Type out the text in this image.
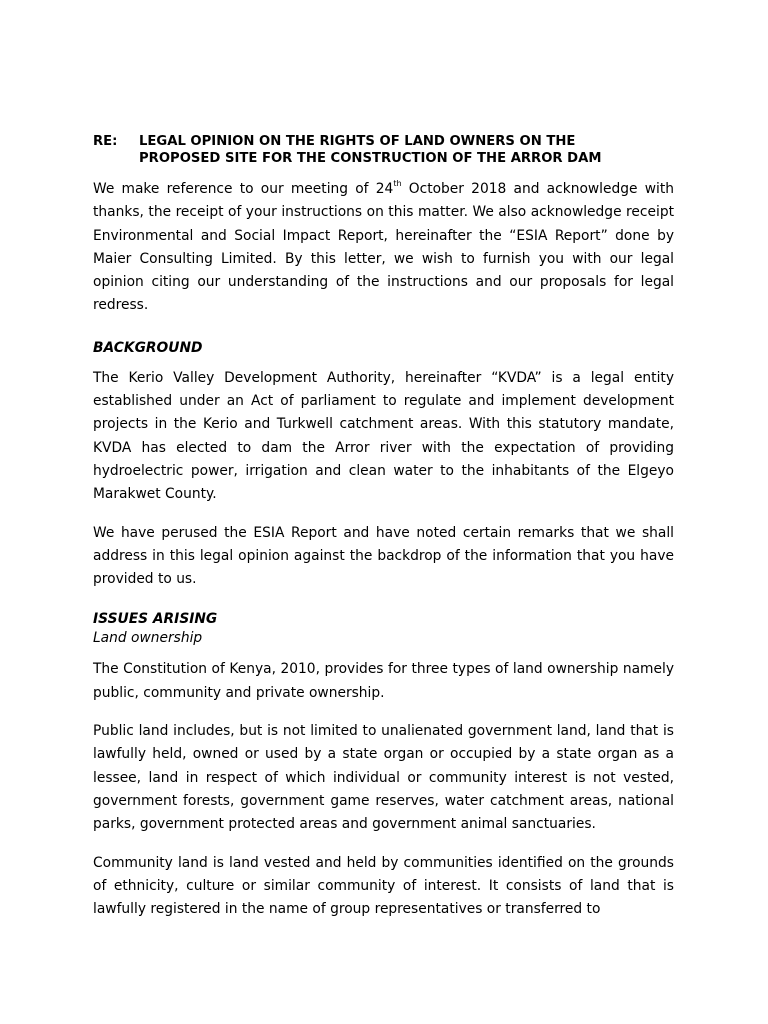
RE: LEGAL OPINION ON THE RIGHTS OF LAND OWNERS ON THE
PROPOSED SITE FOR THE CONSTRUCTION OF THE ARROR DAM

We make reference to our meeting of 24th October 2018 and acknowledge with thanks, the receipt of your instructions on this matter. We also acknowledge receipt Environmental and Social Impact Report, hereinafter the “ESIA Report” done by Maier Consulting Limited. By this letter, we wish to furnish you with our legal opinion citing our understanding of the instructions and our proposals for legal redress.

BACKGROUND

The Kerio Valley Development Authority, hereinafter “KVDA” is a legal entity established under an Act of parliament to regulate and implement development projects in the Kerio and Turkwell catchment areas. With this statutory mandate, KVDA has elected to dam the Arror river with the expectation of providing hydroelectric power, irrigation and clean water to the inhabitants of the Elgeyo Marakwet County.

We have perused the ESIA Report and have noted certain remarks that we shall address in this legal opinion against the backdrop of the information that you have provided to us.

ISSUES ARISING

Land ownership

The Constitution of Kenya, 2010, provides for three types of land ownership namely public, community and private ownership.

Public land includes, but is not limited to unalienated government land, land that is lawfully held, owned or used by a state organ or occupied by a state organ as a lessee, land in respect of which individual or community interest is not vested, government forests, government game reserves, water catchment areas, national parks, government protected areas and government animal sanctuaries.

Community land is land vested and held by communities identified on the grounds of ethnicity, culture or similar community of interest. It consists of land that is lawfully registered in the name of group representatives or transferred to
